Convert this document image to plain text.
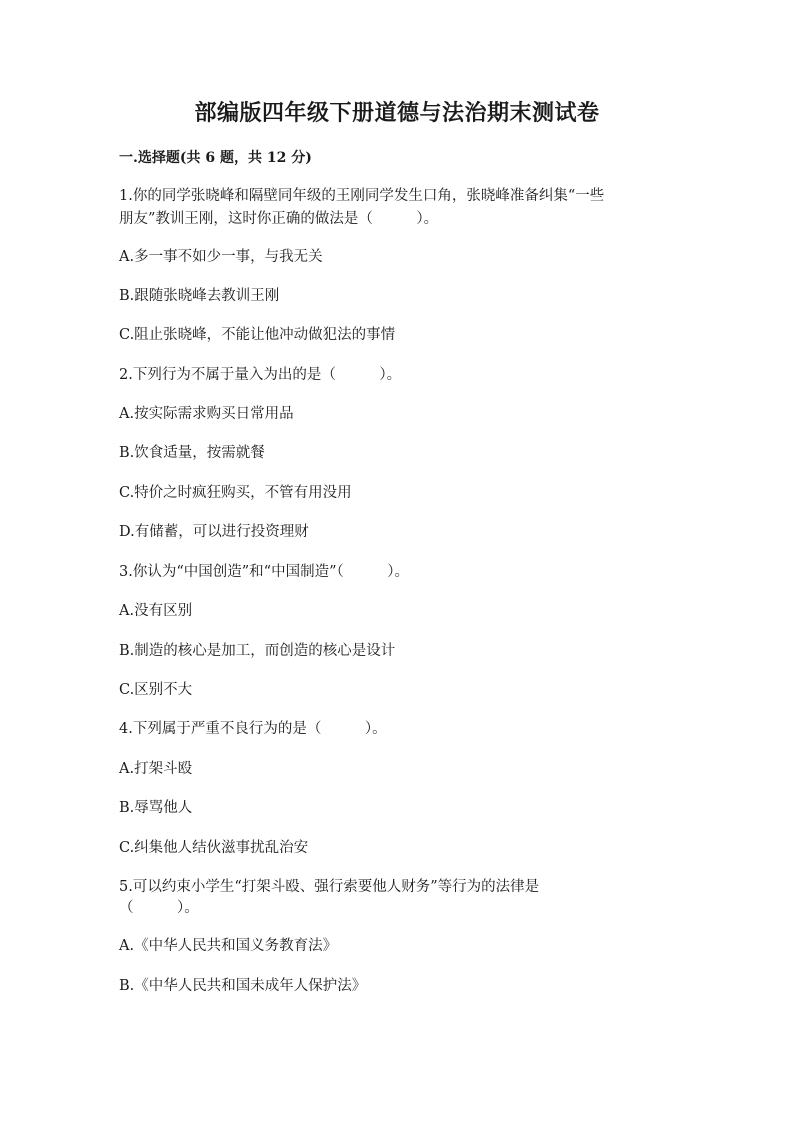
部编版四年级下册道德与法治期末测试卷
一.选择题(共 6 题，共 12 分)
1.你的同学张晓峰和隔壁同年级的王刚同学发生口角，张晓峰准备纠集“一些
朋友”教训王刚，这时你正确的做法是（　　　）。
A.多一事不如少一事，与我无关
B.跟随张晓峰去教训王刚
C.阻止张晓峰，不能让他冲动做犯法的事情
2.下列行为不属于量入为出的是（　　　）。
A.按实际需求购买日常用品
B.饮食适量，按需就餐
C.特价之时疯狂购买，不管有用没用
D.有储蓄，可以进行投资理财
3.你认为“中国创造”和“中国制造”（　　　）。
A.没有区别
B.制造的核心是加工，而创造的核心是设计
C.区别不大
4.下列属于严重不良行为的是（　　　）。
A.打架斗殴
B.辱骂他人
C.纠集他人结伙滋事扰乱治安
5.可以约束小学生“打架斗殴、强行索要他人财务”等行为的法律是
（　　　）。
A.《中华人民共和国义务教育法》
B.《中华人民共和国未成年人保护法》
